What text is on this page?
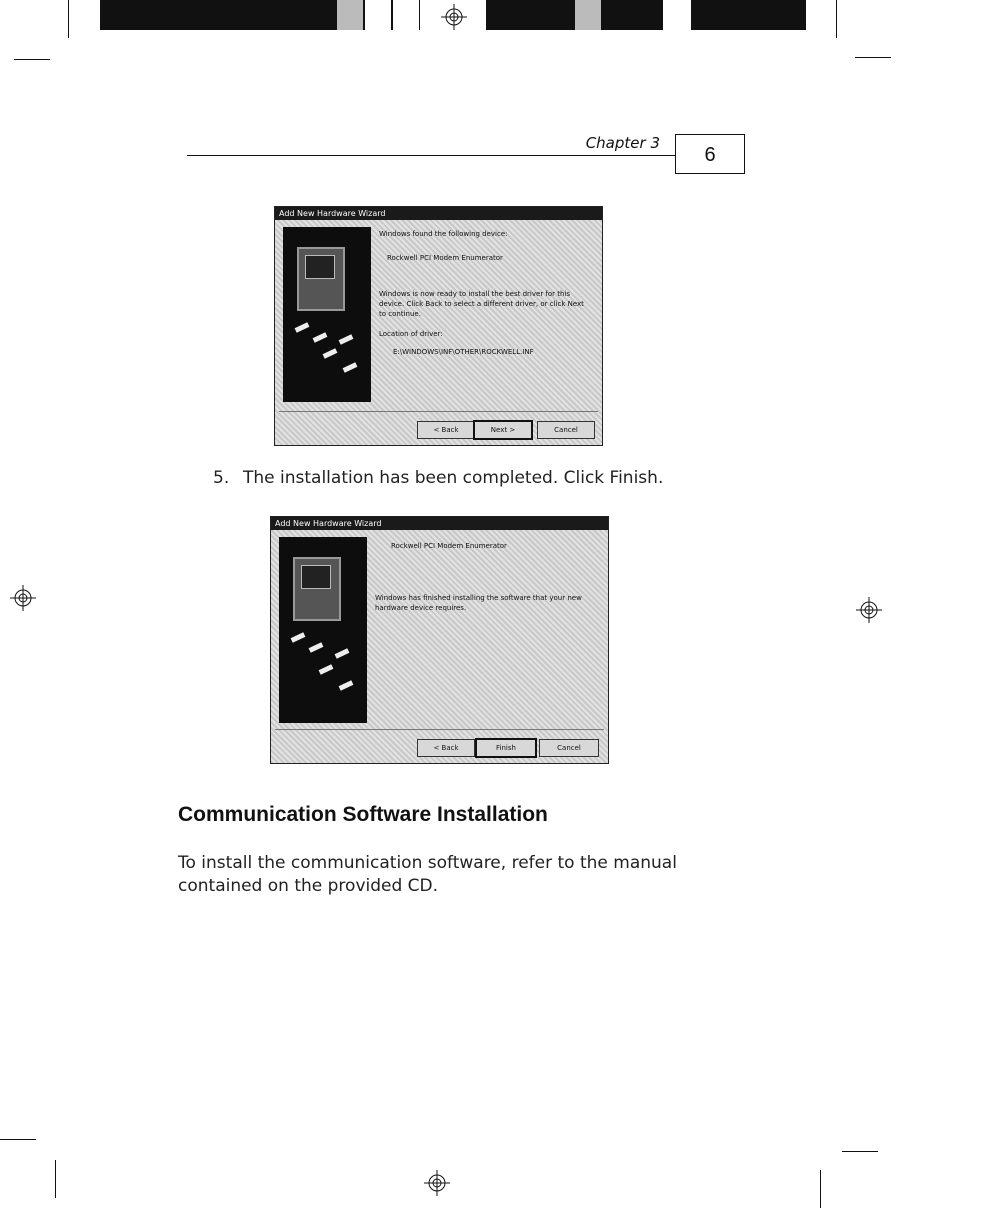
Chapter 3
6
Add New Hardware Wizard
Windows found the following device:
Rockwell PCI Modem Enumerator
Windows is now ready to install the best driver for this
device. Click Back to select a different driver, or click Next
to continue.
Location of driver:
E:\WINDOWS\INF\OTHER\ROCKWELL.INF
< Back	Next >	Cancel
5. The installation has been completed. Click Finish.
Add New Hardware Wizard
Rockwell PCI Modem Enumerator
Windows has finished installing the software that your new
hardware device requires.
< Back	Finish	Cancel
Communication Software Installation
To install the communication software, refer to the manual
contained on the provided CD.
